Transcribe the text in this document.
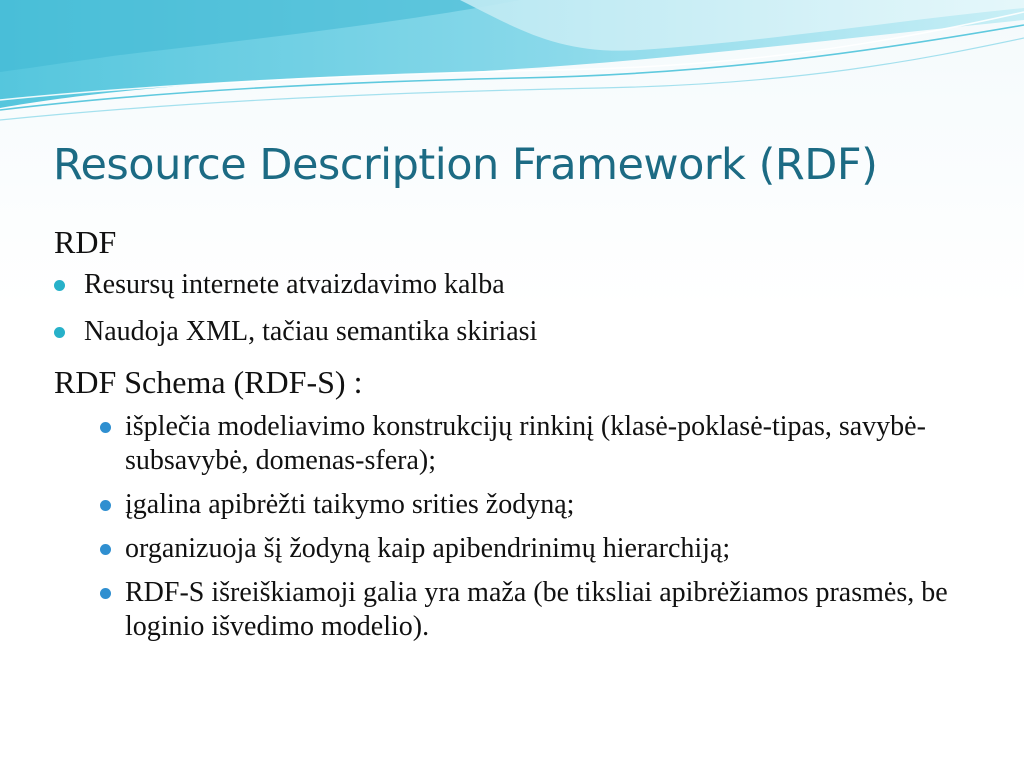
Resource Description Framework (RDF)
RDF
Resursų internete atvaizdavimo kalba
Naudoja XML, tačiau semantika skiriasi
RDF Schema (RDF-S) :
išplečia modeliavimo konstrukcijų rinkinį (klasė-poklasė-tipas, savybė-subsavybė, domenas-sfera);
įgalina apibrėžti taikymo srities žodyną;
organizuoja šį žodyną kaip apibendrinimų hierarchiją;
RDF-S išreiškiamoji galia yra maža (be tiksliai apibrėžiamos prasmės, be loginio išvedimo modelio).
